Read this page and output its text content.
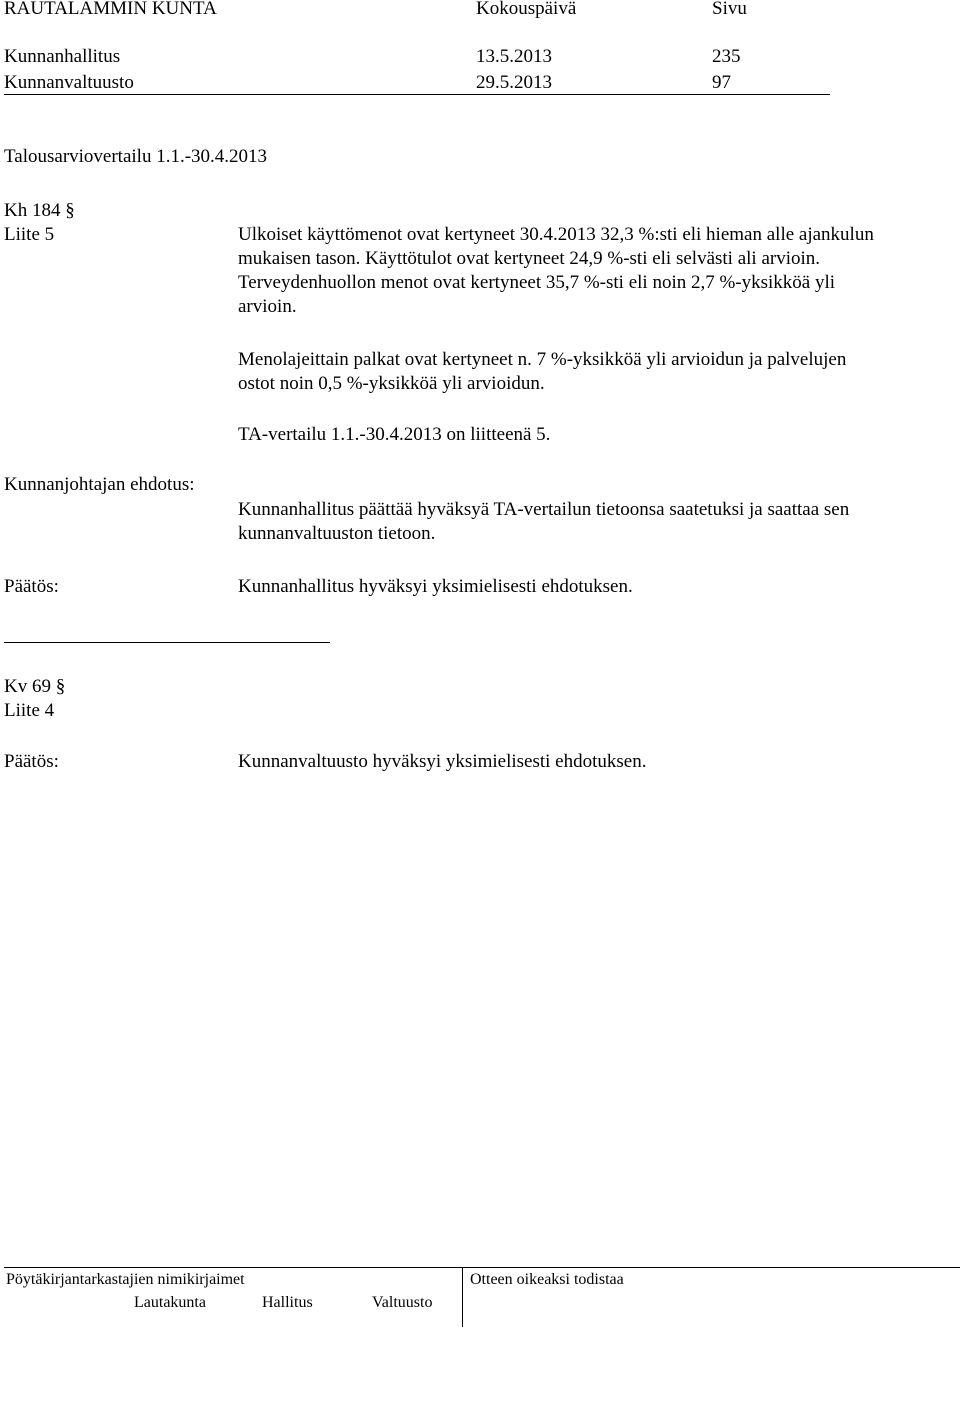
RAUTALAMMIN KUNTA	Kokouspäivä	Sivu
Kunnanhallitus	13.5.2013	235
Kunnanvaltuusto	29.5.2013	97
Talousarviovertailu 1.1.-30.4.2013
Kh 184 §
Liite 5	Ulkoiset käyttömenot ovat kertyneet 30.4.2013 32,3 %:sti eli hieman alle ajankulun mukaisen tason. Käyttötulot ovat kertyneet 24,9 %-sti eli selvästi ali arvioin. Terveydenhuollon menot ovat kertyneet 35,7 %-sti eli noin 2,7 %-yksikköä yli arvioin.
Menolajeittain palkat ovat kertyneet n. 7 %-yksikköä yli arvioidun ja palvelujen ostot noin 0,5 %-yksikköä yli arvioidun.
TA-vertailu 1.1.-30.4.2013 on liitteenä 5.
Kunnanjohtajan ehdotus:
Kunnanhallitus päättää hyväksyä TA-vertailun tietoonsa saatetuksi ja saattaa sen kunnanvaltuuston tietoon.
Päätös:	Kunnanhallitus hyväksyi yksimielisesti ehdotuksen.
Kv 69 §
Liite 4
Päätös:	Kunnanvaltuusto hyväksyi yksimielisesti ehdotuksen.
Pöytäkirjantarkastajien nimikirjaimet	Otteen oikeaksi todistaa
Lautakunta	Hallitus	Valtuusto
